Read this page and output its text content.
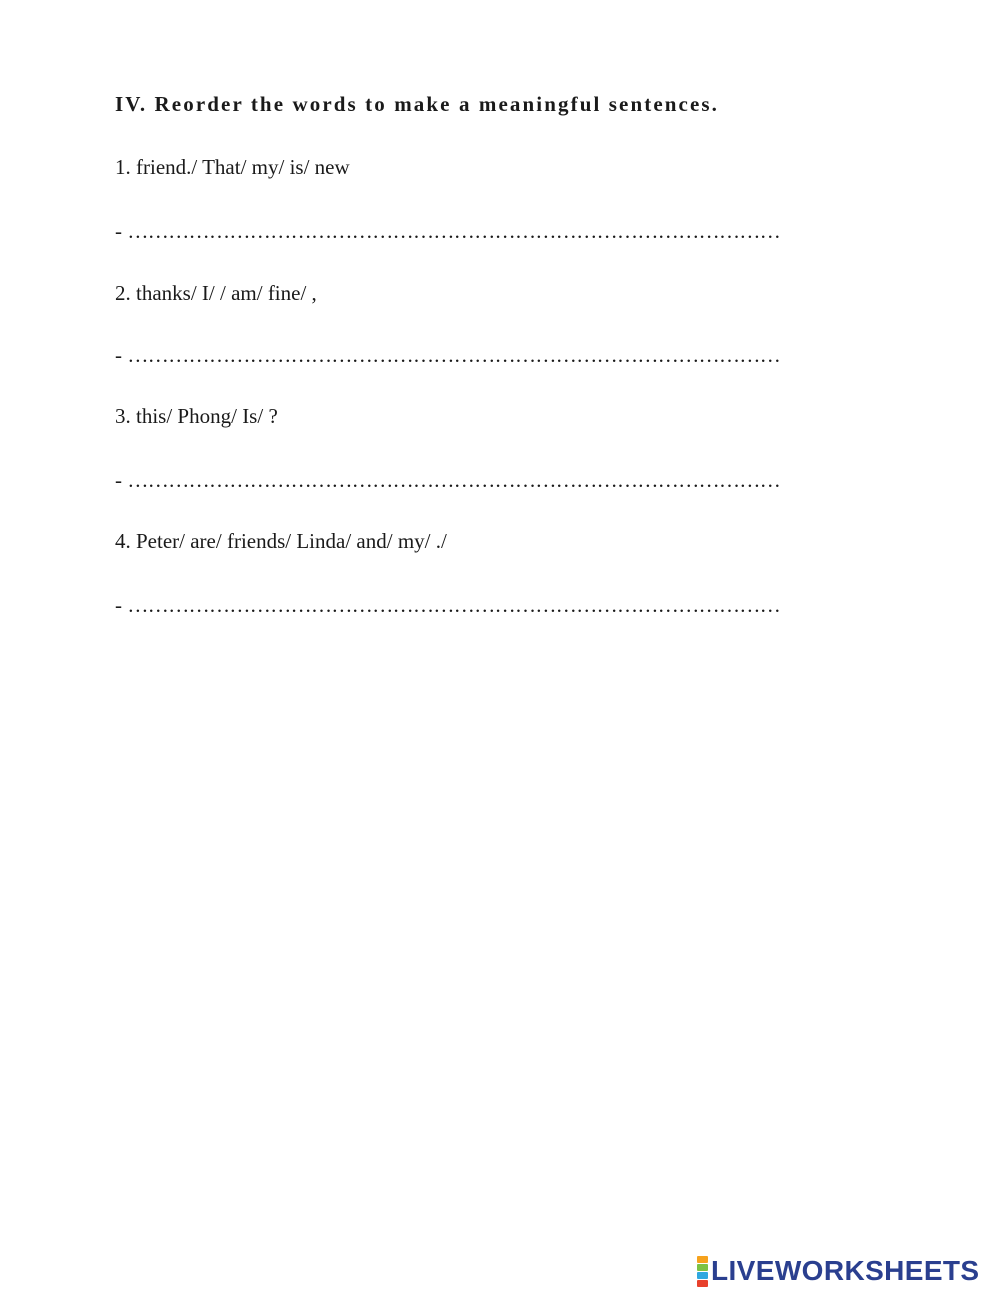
IV. Reorder the words to make a meaningful sentences.
1. friend./ That/ my/ is/ new
- ……………………………………………………………………………………
2. thanks/ I/ / am/ fine/ ,
- ……………………………………………………………………………………
3. this/ Phong/ Is/ ?
- ……………………………………………………………………………………
4. Peter/ are/ friends/ Linda/ and/ my/ ./
- ……………………………………………………………………………………
LIVEWORKSHEETS
